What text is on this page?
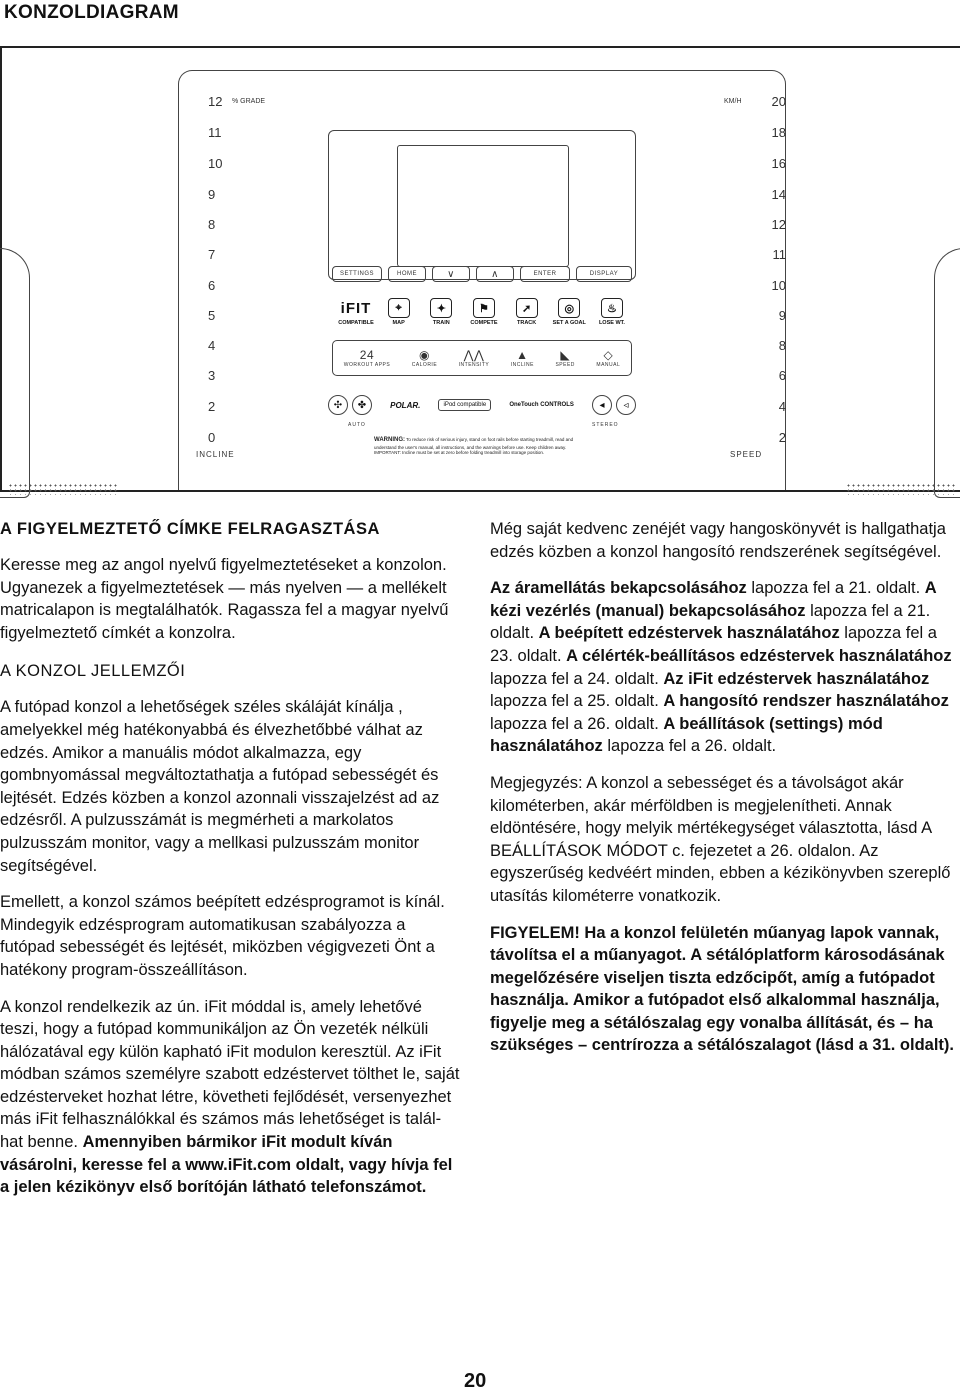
KONZOLDIAGRAM
% GRADE
12
11
10
9
8
7
6
5
4
3
2
0
INCLINE
KM/H 20
18
16
14
12
11
10
9
8
6
4
2
SPEED
SETTINGS	HOME	∨	∧	ENTER	DISPLAY
iFIT
COMPATIBLE
⌖
MAP
✦
TRAIN
⚑
COMPETE
➚
TRACK
◎
SET A GOAL
♨
LOSE WT.
24
WORKOUT APPS
◉
CALORIE
⋀⋀
INTENSITY
▲
INCLINE
◣
SPEED
◇
MANUAL
✣	✤	POLAR.	iPod compatible	OneTouch CONTROLS	◂	◃
AUTO	STEREO
WARNING: To reduce risk of serious injury, stand on foot rails before starting treadmill, read and understand the user's manual, all instructions, and the warnings before use. Keep children away. IMPORTANT: Incline must be set at zero before folding treadmill into storage position.
A FIGYELMEZTETŐ CÍMKE FELRAGASZTÁSA

Keresse meg az angol nyelvű figyelmeztetéseket a konzolon. Ugyanezek a figyelmeztetések — más nyelven — a mellékelt matricalapon is megtalálhatók. Ragassza fel a magyar nyelvű figyelmeztető címkét a konzolra.

A KONZOL JELLEMZŐI

A futópad konzol a lehetőségek széles skáláját kínálja , amelyekkel még hatékonyabbá és élvezhetőbbé válhat az edzés. Amikor a manuális módot alkalmazza, egy gombnyomással megváltoztathatja a futópad sebességét és lejtését. Edzés közben a konzol azonnali visszajelzést ad az edzésről. A pulzusszámát is megmérheti a markolatos pulzusszám monitor, vagy a mellkasi pulzusszám monitor segítségével.

Emellett, a konzol számos beépített edzésprogramot is kínál. Mindegyik edzésprogram automatikusan szabályozza a futópad sebességét és lejtését, miközben végigvezeti Önt a hatékony program-összeállításon.

A konzol rendelkezik az ún. iFit móddal is, amely lehetővé teszi, hogy a futópad kommunikáljon az Ön vezeték nélküli hálózatával egy külön kapható iFit modulon keresztül. Az iFit módban számos személyre szabott edzéstervet tölthet le, saját edzésterveket hozhat létre, követheti fejlődését, versenyezhet más iFit felhasználókkal és számos más lehetőséget is talál-hat benne. Amennyiben bármikor iFit modult kíván vásárolni, keresse fel a www.iFit.com oldalt, vagy hívja fel a jelen kézikönyv első borítóján látható telefonszámot.

Még saját kedvenc zenéjét vagy hangoskönyvét is hallgathatja edzés közben a konzol hangosító rendszerének segítségével.

Az áramellátás bekapcsolásához lapozza fel a 21. oldalt. A kézi vezérlés (manual) bekapcsolásához lapozza fel a 21. oldalt. A beépített edzéstervek használatához lapozza fel a 23. oldalt. A célérték-beállításos edzéstervek használatához lapozza fel a 24. oldalt. Az iFit edzéstervek használatához lapozza fel a 25. oldalt. A hangosító rendszer használatához lapozza fel a 26. oldalt. A beállítások (settings) mód használatához lapozza fel a 26. oldalt.

Megjegyzés: A konzol a sebességet és a távolságot akár kilométerben, akár mérföldben is megjelenítheti. Annak eldöntésére, hogy melyik mértékegységet választotta, lásd A BEÁLLÍTÁSOK MÓDOT c. fejezetet a 26. oldalon. Az egyszerűség kedvéért minden, ebben a kézikönyvben szereplő utasítás kilométerre vonatkozik.

FIGYELEM! Ha a konzol felületén műanyag lapok vannak, távolítsa el a műanyagot. A sétálóplatform károsodásának megelőzésére viseljen tiszta edzőcipőt, amíg a futópadot használja. Amikor a futópadot első alkalommal használja, figyelje meg a sétálószalag egy vonalba állítását, és – ha szükséges – centrírozza a sétálószalagot (lásd a 31. oldalt).

20
